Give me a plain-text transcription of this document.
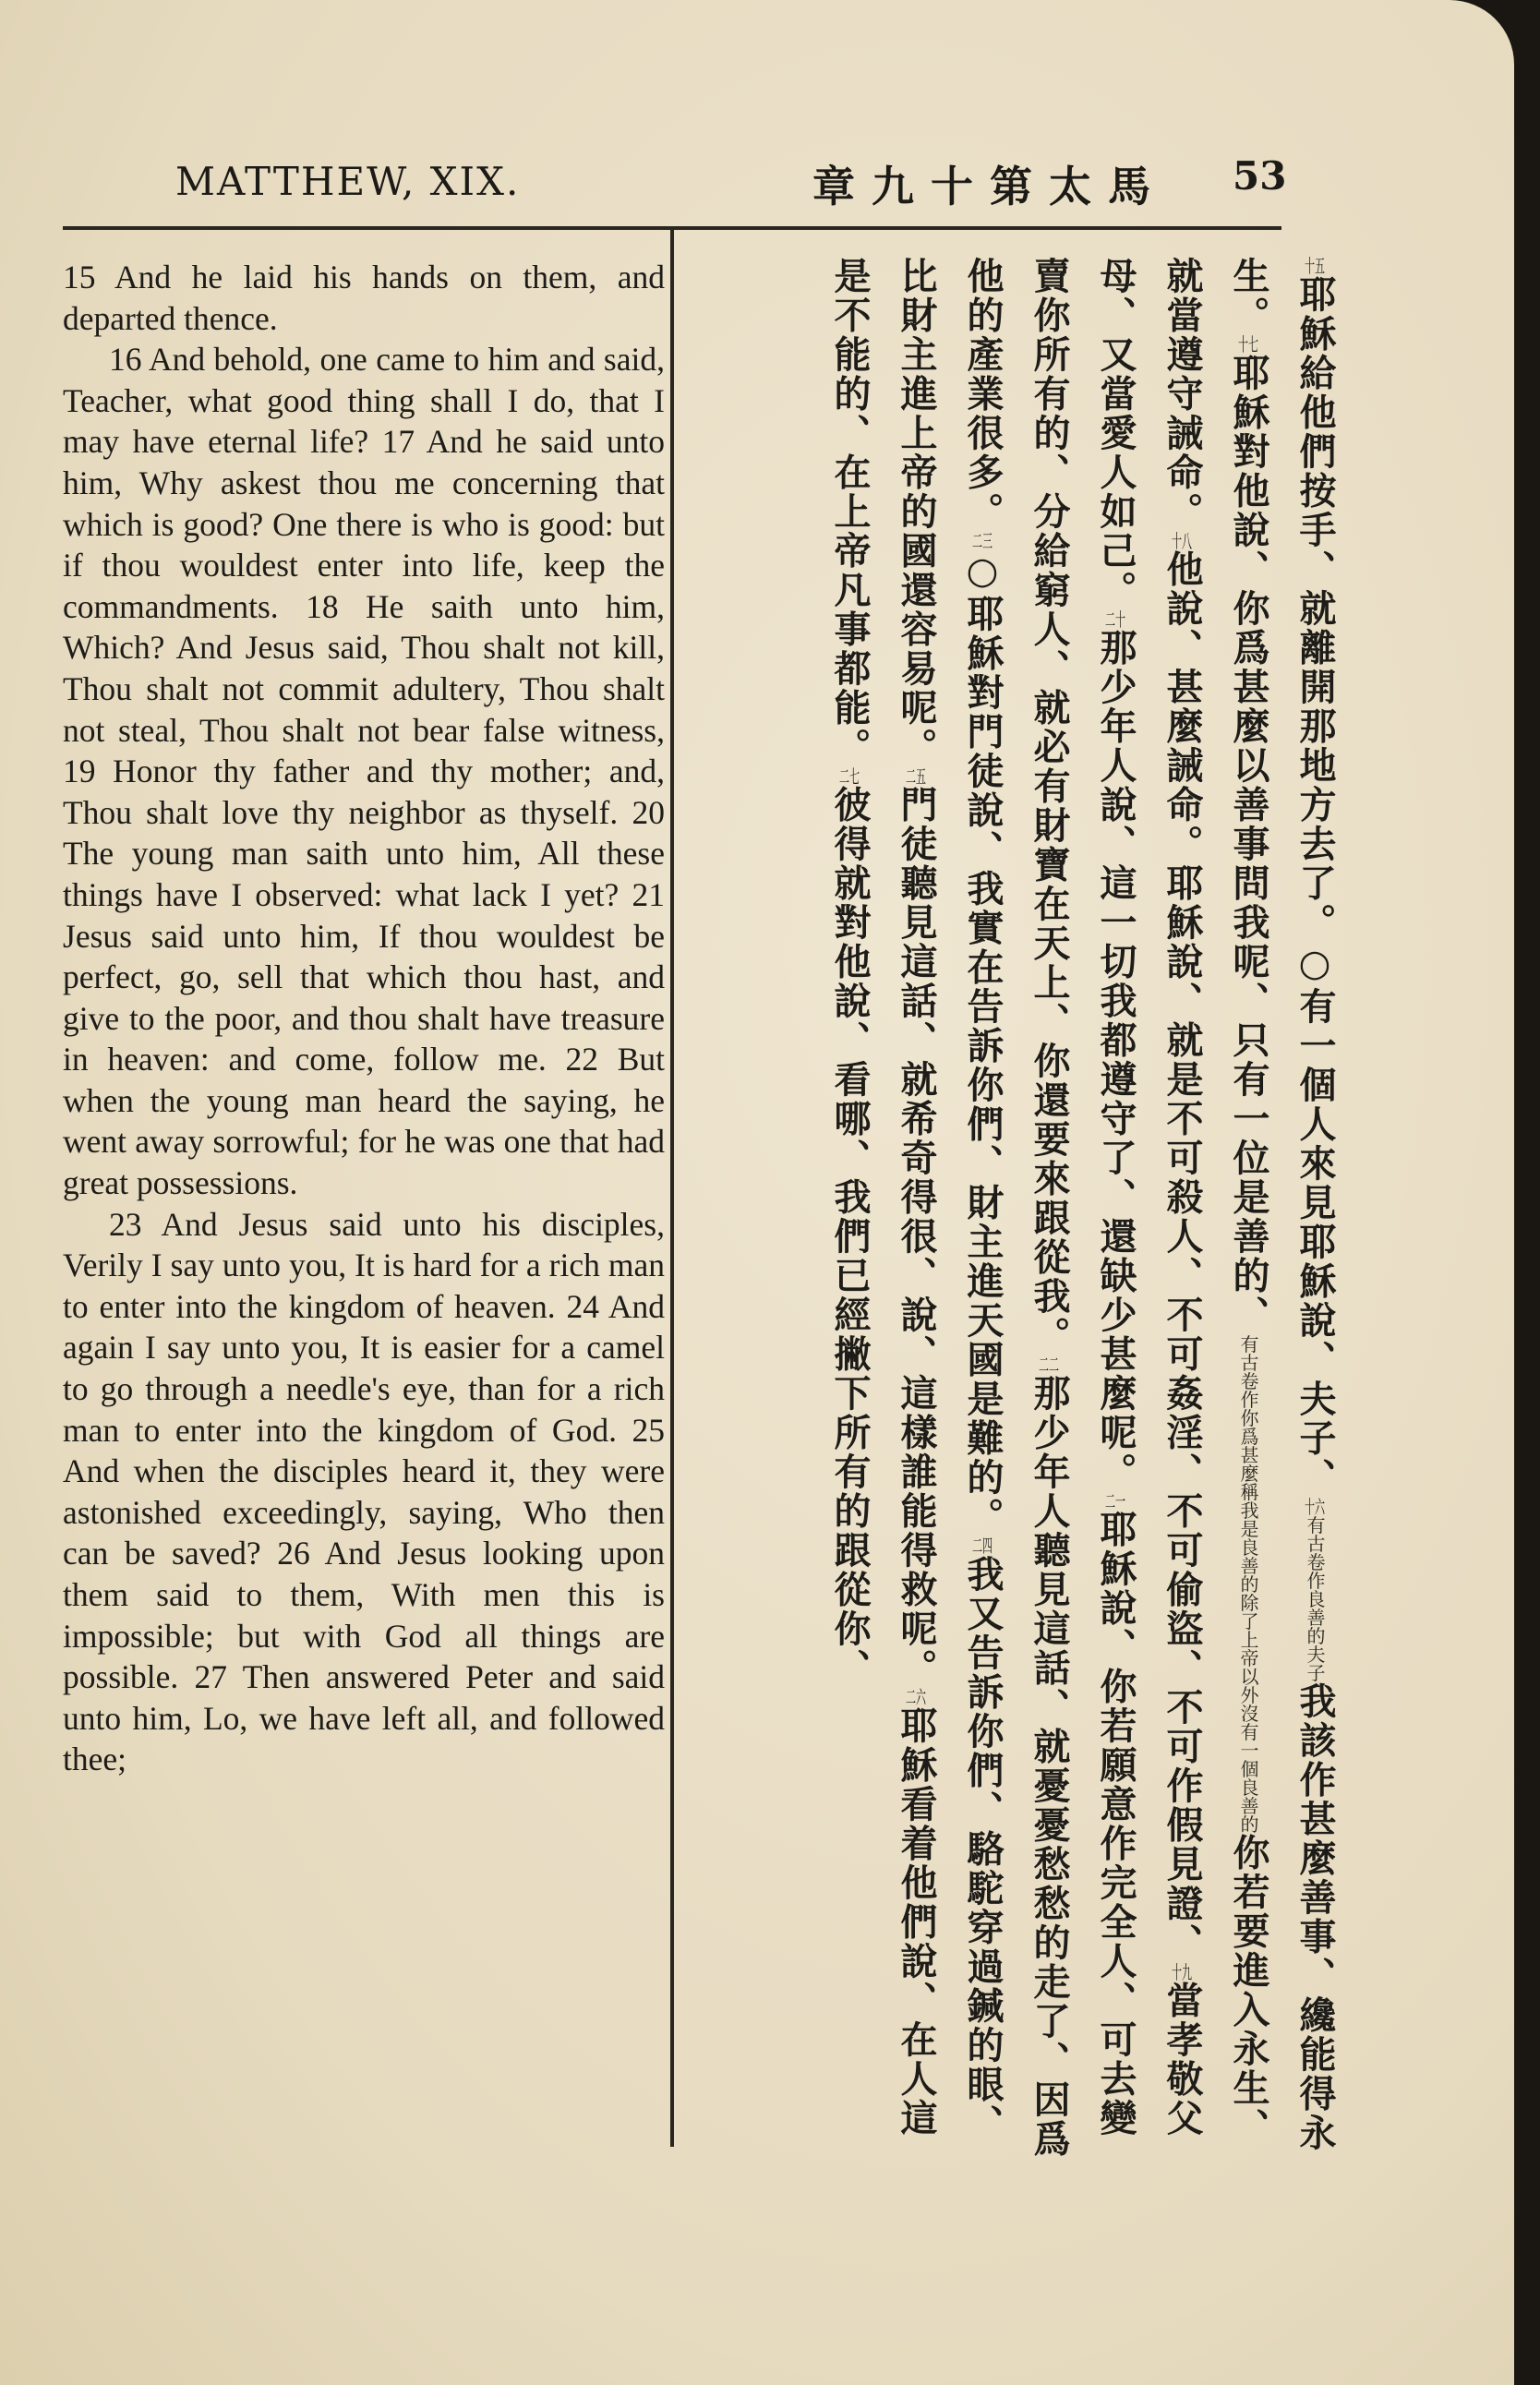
MATTHEW, XIX.	章九十第太馬 53

15 And he laid his hands on them, and departed thence.

16 And behold, one came to him and said, Teacher, what good thing shall I do, that I may have eternal life? 17 And he said unto him, Why askest thou me concerning that which is good? One there is who is good: but if thou wouldest enter into life, keep the commandments. 18 He saith unto him, Which? And Jesus said, Thou shalt not kill, Thou shalt not commit adultery, Thou shalt not steal, Thou shalt not bear false witness, 19 Honor thy father and thy mother; and, Thou shalt love thy neighbor as thyself. 20 The young man saith unto him, All these things have I observed: what lack I yet? 21 Jesus said unto him, If thou wouldest be perfect, go, sell that which thou hast, and give to the poor, and thou shalt have treasure in heaven: and come, follow me. 22 But when the young man heard the saying, he went away sorrowful; for he was one that had great possessions.

23 And Jesus said unto his disciples, Verily I say unto you, It is hard for a rich man to enter into the kingdom of heaven. 24 And again I say unto you, It is easier for a camel to go through a needle's eye, than for a rich man to enter into the kingdom of God. 25 And when the disciples heard it, they were astonished exceedingly, saying, Who then can be saved? 26 And Jesus looking upon them said to them, With men this is impossible; but with God all things are possible. 27 Then answered Peter and said unto him, Lo, we have left all, and followed thee;

十五耶穌給他們按手、就離開那地方去了。○有一個人來見耶穌說、夫子、十六有古卷作良善的夫子我該作甚麼善事、纔能得永生。十七耶穌對他說、你爲甚麼以善事問我呢、只有一位是善的、有古卷作你爲甚麼稱我是良善的除了上帝以外沒有一個良善的你若要進入永生、就當遵守誡命。十八他說、甚麼誡命。耶穌說、就是不可殺人、不可姦淫、不可偷盜、不可作假見證、十九當孝敬父母、又當愛人如己。二十那少年人說、這一切我都遵守了、還缺少甚麼呢。二一耶穌說、你若願意作完全人、可去變賣你所有的、分給窮人、就必有財寶在天上、你還要來跟從我。二二那少年人聽見這話、就憂憂愁愁的走了、因爲他的產業很多。二三○耶穌對門徒說、我實在告訴你們、財主進天國是難的。二四我又告訴你們、駱駝穿過鍼的眼、比財主進上帝的國還容易呢。二五門徒聽見這話、就希奇得很、說、這樣誰能得救呢。二六耶穌看着他們說、在人這是不能的、在上帝凡事都能。二七彼得就對他說、看哪、我們已經撇下所有的跟從你、
